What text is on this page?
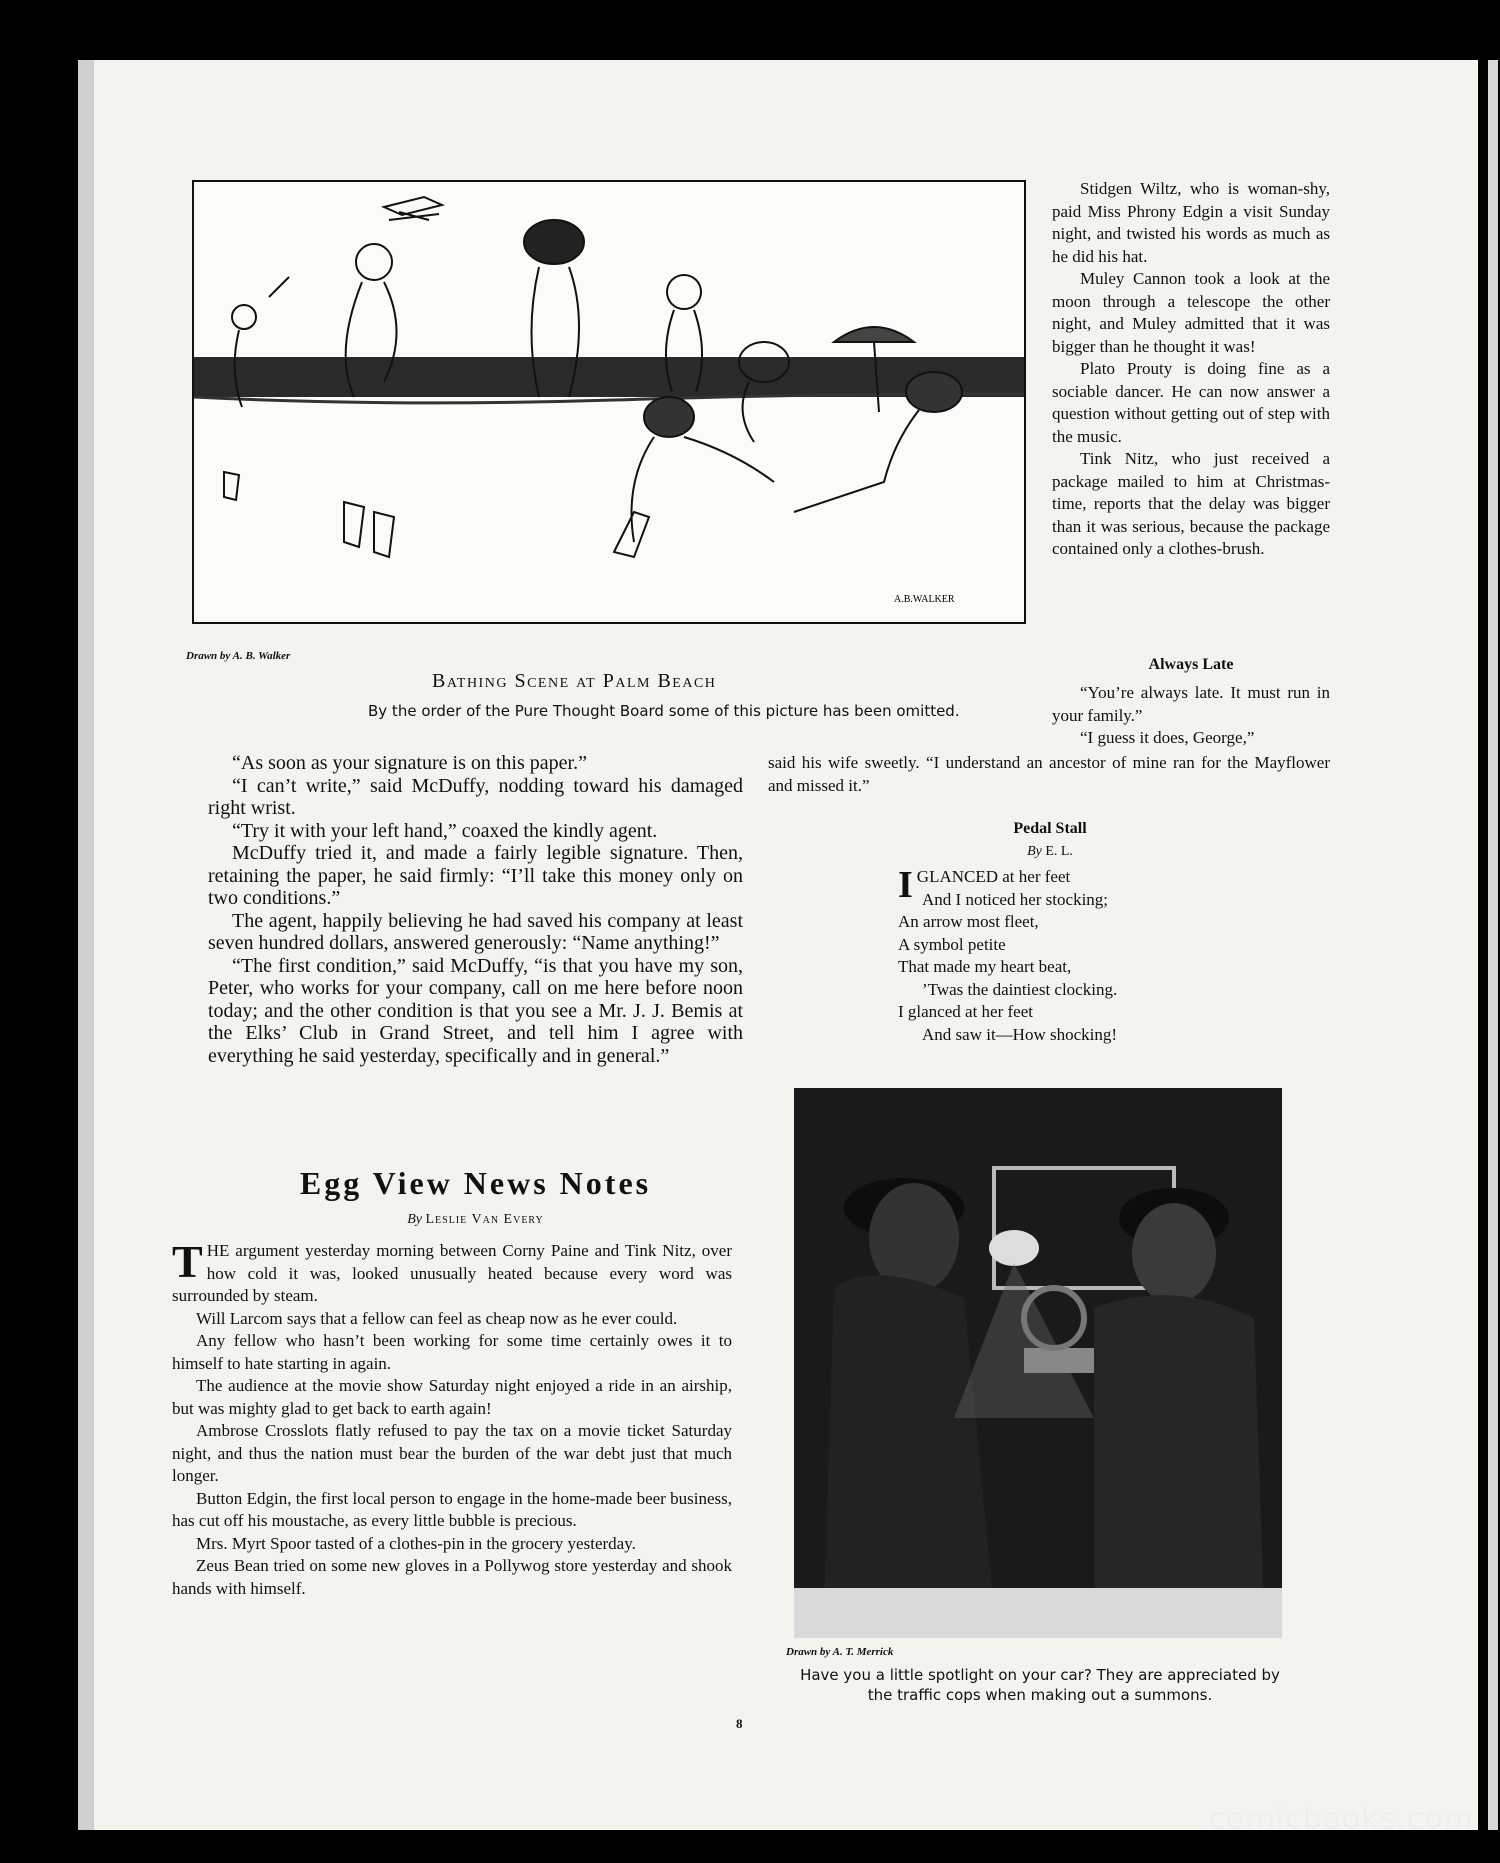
A.B.WALKER
Drawn by A. B. Walker
Bathing Scene at Palm Beach
By the order of the Pure Thought Board some of this picture has been omitted.

Stidgen Wiltz, who is woman-shy, paid Miss Phrony Edgin a visit Sunday night, and twisted his words as much as he did his hat.

Muley Cannon took a look at the moon through a telescope the other night, and Muley admitted that it was bigger than he thought it was!

Plato Prouty is doing fine as a sociable dancer. He can now answer a question without getting out of step with the music.

Tink Nitz, who just received a package mailed to him at Christmas-time, reports that the delay was bigger than it was serious, because the package contained only a clothes-brush.

Always Late

“You’re always late. It must run in your family.”

“I guess it does, George,”

said his wife sweetly. “I understand an ancestor of mine ran for the Mayflower and missed it.”

“As soon as your signature is on this paper.”

“I can’t write,” said McDuffy, nodding toward his damaged right wrist.

“Try it with your left hand,” coaxed the kindly agent.

McDuffy tried it, and made a fairly legible signature. Then, retaining the paper, he said firmly: “I’ll take this money only on two conditions.”

The agent, happily believing he had saved his company at least seven hundred dollars, answered generously: “Name anything!”

“The first condition,” said McDuffy, “is that you have my son, Peter, who works for your company, call on me here before noon today; and the other condition is that you see a Mr. J. J. Bemis at the Elks’ Club in Grand Street, and tell him I agree with everything he said yesterday, specifically and in general.”

Egg View News Notes
By Leslie Van Every

THE argument yesterday morning between Corny Paine and Tink Nitz, over how cold it was, looked unusually heated because every word was surrounded by steam.

Will Larcom says that a fellow can feel as cheap now as he ever could.

Any fellow who hasn’t been working for some time certainly owes it to himself to hate starting in again.

The audience at the movie show Saturday night enjoyed a ride in an airship, but was mighty glad to get back to earth again!

Ambrose Crosslots flatly refused to pay the tax on a movie ticket Saturday night, and thus the nation must bear the burden of the war debt just that much longer.

Button Edgin, the first local person to engage in the home-made beer business, has cut off his moustache, as every little bubble is precious.

Mrs. Myrt Spoor tasted of a clothes-pin in the grocery yesterday.

Zeus Bean tried on some new gloves in a Pollywog store yesterday and shook hands with himself.

Pedal Stall
By E. L.
IGLANCED at her feet
And I noticed her stocking;
An arrow most fleet,
A symbol petite
That made my heart beat,
’Twas the daintiest clocking.
I glanced at her feet
And saw it—How shocking!
Drawn by A. T. Merrick
Have you a little spotlight on your car? They are appreciated by the traffic cops when making out a summons.
8
comicbooks.com
